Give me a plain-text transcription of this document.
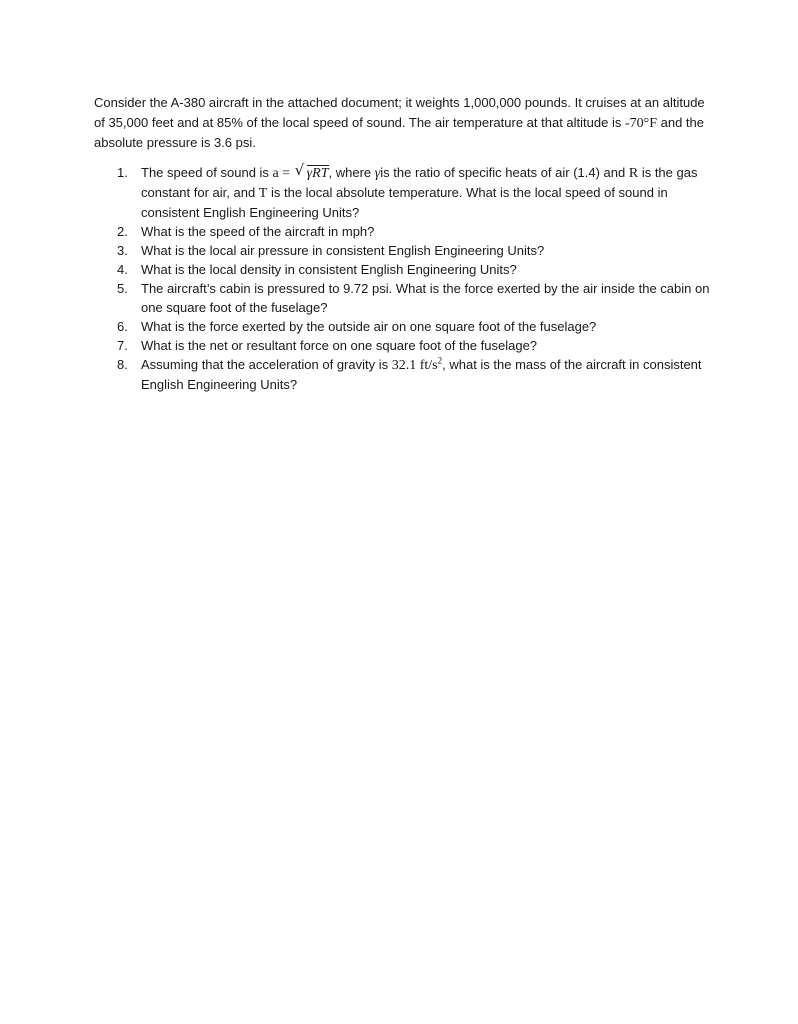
Consider the A-380 aircraft in the attached document; it weights 1,000,000 pounds. It cruises at an altitude of 35,000 feet and at 85% of the local speed of sound. The air temperature at that altitude is -70°F and the absolute pressure is 3.6 psi.

1. The speed of sound is a = √ γRT, where γis the ratio of specific heats of air (1.4) and R is the gas constant for air, and T is the local absolute temperature. What is the local speed of sound in consistent English Engineering Units?
2. What is the speed of the aircraft in mph?
3. What is the local air pressure in consistent English Engineering Units?
4. What is the local density in consistent English Engineering Units?
5. The aircraft’s cabin is pressured to 9.72 psi. What is the force exerted by the air inside the cabin on one square foot of the fuselage?
6. What is the force exerted by the outside air on one square foot of the fuselage?
7. What is the net or resultant force on one square foot of the fuselage?
8. Assuming that the acceleration of gravity is 32.1 $ft/s^2$, what is the mass of the aircraft in consistent English Engineering Units?
